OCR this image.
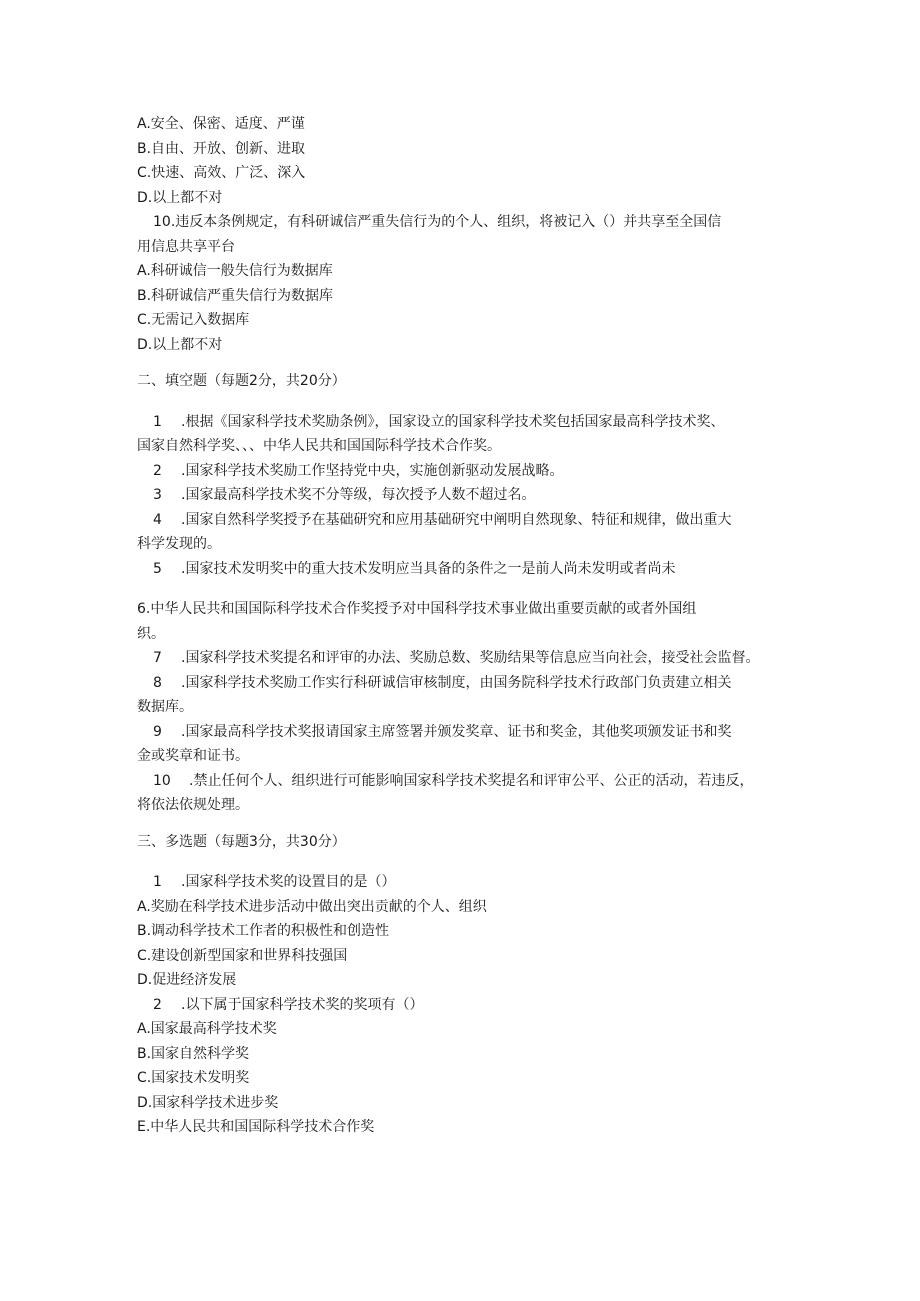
A.安全、保密、适度、严谨
B.自由、开放、创新、进取
C.快速、高效、广泛、深入
D.以上都不对
10.违反本条例规定，有科研诚信严重失信行为的个人、组织，将被记入（）并共享至全国信
用信息共享平台
A.科研诚信一般失信行为数据库
B.科研诚信严重失信行为数据库
C.无需记入数据库
D.以上都不对
二、填空题（每题2分，共20分）
1 .根据《国家科学技术奖励条例》，国家设立的国家科学技术奖包括国家最高科学技术奖、
国家自然科学奖、、、中华人民共和国国际科学技术合作奖。
2 .国家科学技术奖励工作坚持党中央，实施创新驱动发展战略。
3 .国家最高科学技术奖不分等级，每次授予人数不超过名。
4 .国家自然科学奖授予在基础研究和应用基础研究中阐明自然现象、特征和规律，做出重大
科学发现的。
5 .国家技术发明奖中的重大技术发明应当具备的条件之一是前人尚未发明或者尚未
6.中华人民共和国国际科学技术合作奖授予对中国科学技术事业做出重要贡献的或者外国组
织。
7 .国家科学技术奖提名和评审的办法、奖励总数、奖励结果等信息应当向社会，接受社会监督。
8 .国家科学技术奖励工作实行科研诚信审核制度，由国务院科学技术行政部门负责建立相关
数据库。
9 .国家最高科学技术奖报请国家主席签署并颁发奖章、证书和奖金，其他奖项颁发证书和奖
金或奖章和证书。
10 .禁止任何个人、组织进行可能影响国家科学技术奖提名和评审公平、公正的活动，若违反，
将依法依规处理。
三、多选题（每题3分，共30分）
1 .国家科学技术奖的设置目的是（）
A.奖励在科学技术进步活动中做出突出贡献的个人、组织
B.调动科学技术工作者的积极性和创造性
C.建设创新型国家和世界科技强国
D.促进经济发展
2 .以下属于国家科学技术奖的奖项有（）
A.国家最高科学技术奖
B.国家自然科学奖
C.国家技术发明奖
D.国家科学技术进步奖
E.中华人民共和国国际科学技术合作奖
